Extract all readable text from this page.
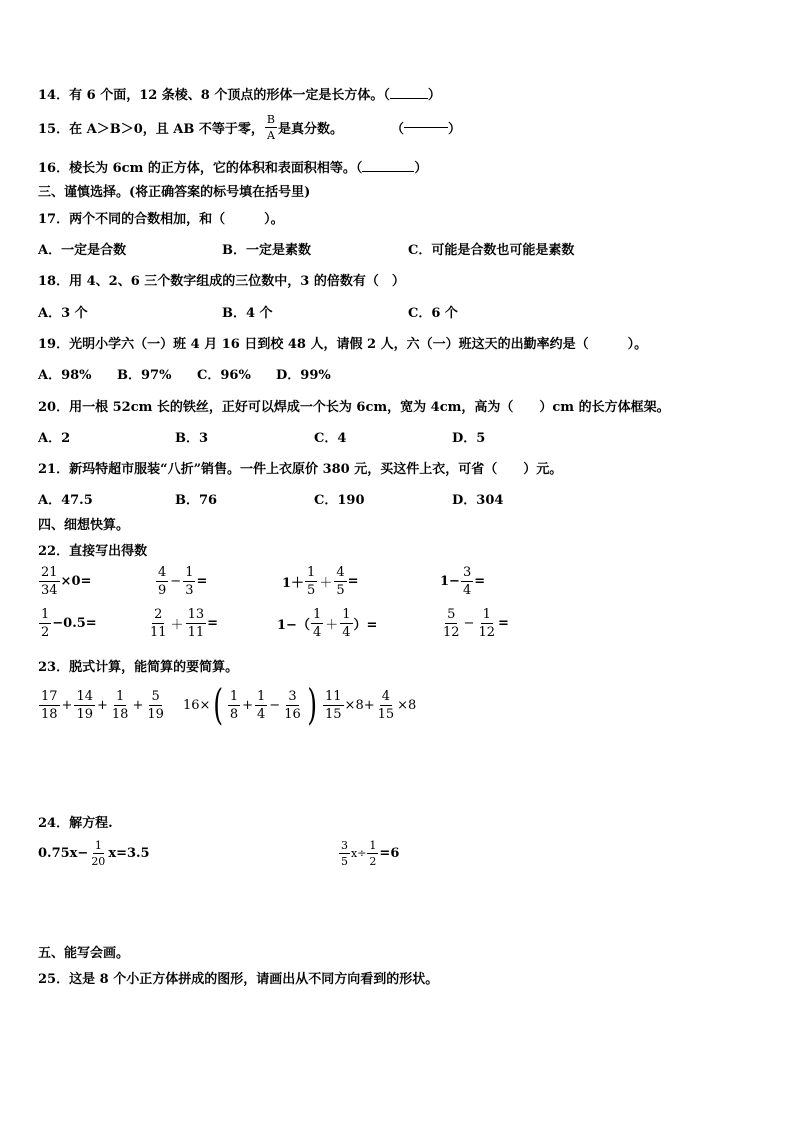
14．有 6 个面，12 条棱、8 个顶点的形体一定是长方体。（	）
15．在 A＞B＞0，且 AB 不等于零， $\frac{B}{A}$ 是真分数。	（	）
16．棱长为 6cm 的正方体，它的体积和表面积相等。（	）
三、谨慎选择。(将正确答案的标号填在括号里)
17．两个不同的合数相加，和（　　　）。
A．一定是合数	B．一定是素数	C．可能是合数也可能是素数
18．用 4、2、6 三个数字组成的三位数中，3 的倍数有（　）
A．3 个	B．4 个	C．6 个
19．光明小学六（一）班 4 月 16 日到校 48 人，请假 2 人，六（一）班这天的出勤率约是（　　　）。
A．98% B．97% C．96% D．99%
20．用一根 52cm 长的铁丝，正好可以焊成一个长为 6cm，宽为 4cm，高为（　　）cm 的长方体框架。
A．2	B．3	C．4	D．5
21．新玛特超市服装“八折”销售。一件上衣原价 380 元，买这件上衣，可省（　　）元。
A．47.5	B．76	C．190	D．304
四、细想快算。
22．直接写出得数
$\frac{21}{34} \times 0=$	$\frac{4}{9} - \frac{1}{3}$ =	$1+ \frac{1}{5} + \frac{4}{5}$ =	$1- \frac{3}{4}$ =
$\frac{1}{2} -0.5=$	$\frac{2}{11} + \frac{13}{11}$ =	$1-( \frac{1}{4} + \frac{1}{4}$ ）=	$\frac{5}{12} - \frac{1}{12}$ =
23．脱式计算，能简算的要简算。
$\frac{17}{18} + \frac{14}{19} + \frac{1}{18} + \frac{5}{19} 16\times$ ( $\frac{1}{8} + \frac{1}{4} - \frac{3}{16}$ ) $\frac{11}{15} \times 8+ \frac{4}{15} \times 8$
24．解方程.
$0.75x- \frac{1}{20} x=3.5$	$\frac{3}{5} x\div \frac{1}{2} =6$
五、能写会画。
25．这是 8 个小正方体拼成的图形，请画出从不同方向看到的形状。
